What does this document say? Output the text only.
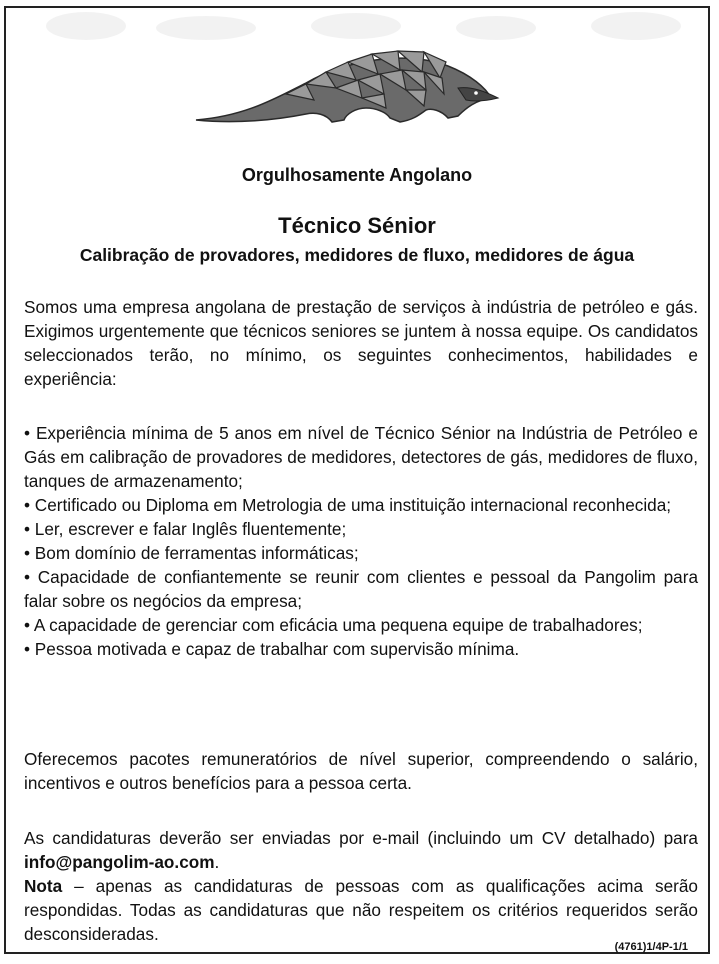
Orgulhosamente Angolano
Técnico Sénior
Calibração de provadores, medidores de fluxo, medidores de água
Somos uma empresa angolana de prestação de serviços à indústria de petróleo e gás. Exigimos urgentemente que técnicos seniores se juntem à nossa equipe. Os candidatos seleccionados terão, no mínimo, os seguintes conhecimentos, habilidades e experiência:
• Experiência mínima de 5 anos em nível de Técnico Sénior na Indústria de Petróleo e Gás em calibração de provadores de medidores, detectores de gás, medidores de fluxo, tanques de armazenamento;
• Certificado ou Diploma em Metrologia de uma instituição internacional reconhecida;
• Ler, escrever e falar Inglês fluentemente;
• Bom domínio de ferramentas informáticas;
• Capacidade de confiantemente se reunir com clientes e pessoal da Pangolim para falar sobre os negócios da empresa;
• A capacidade de gerenciar com eficácia uma pequena equipe de trabalhadores;
• Pessoa motivada e capaz de trabalhar com supervisão mínima.
Oferecemos pacotes remuneratórios de nível superior, compreendendo o salário, incentivos e outros benefícios para a pessoa certa.
As candidaturas deverão ser enviadas por e-mail (incluindo um CV detalhado) para info@pangolim-ao.com.
Nota – apenas as candidaturas de pessoas com as qualificações acima serão respondidas. Todas as candidaturas que não respeitem os critérios requeridos serão desconsideradas.
(4761)1/4P-1/1
